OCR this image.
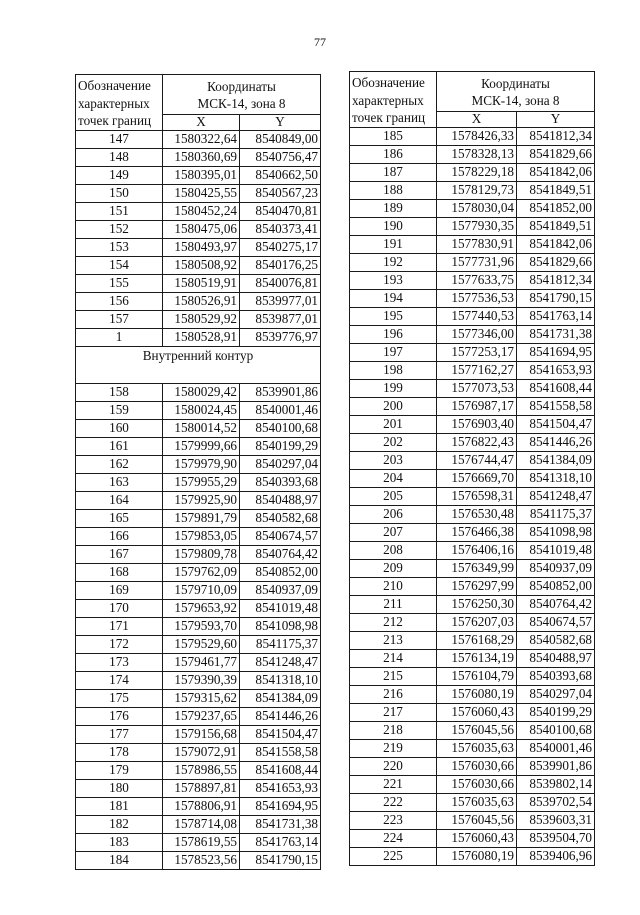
77
Обозначение
характерных
точек границ	Координаты
МСК-14, зона 8	

	X	Y
147	1580322,64	8540849,00
148	1580360,69	8540756,47
149	1580395,01	8540662,50
150	1580425,55	8540567,23
151	1580452,24	8540470,81
152	1580475,06	8540373,41
153	1580493,97	8540275,17
154	1580508,92	8540176,25
155	1580519,91	8540076,81
156	1580526,91	8539977,01
157	1580529,92	8539877,01
1	1580528,91	8539776,97
Внутренний контур		
158	1580029,42	8539901,86
159	1580024,45	8540001,46
160	1580014,52	8540100,68
161	1579999,66	8540199,29
162	1579979,90	8540297,04
163	1579955,29	8540393,68
164	1579925,90	8540488,97
165	1579891,79	8540582,68
166	1579853,05	8540674,57
167	1579809,78	8540764,42
168	1579762,09	8540852,00
169	1579710,09	8540937,09
170	1579653,92	8541019,48
171	1579593,70	8541098,98
172	1579529,60	8541175,37
173	1579461,77	8541248,47
174	1579390,39	8541318,10
175	1579315,62	8541384,09
176	1579237,65	8541446,26
177	1579156,68	8541504,47
178	1579072,91	8541558,58
179	1578986,55	8541608,44
180	1578897,81	8541653,93
181	1578806,91	8541694,95
182	1578714,08	8541731,38
183	1578619,55	8541763,14
184	1578523,56	8541790,15
Обозначение
характерных
точек границ	Координаты
МСК-14, зона 8	

	X	Y
185	1578426,33	8541812,34
186	1578328,13	8541829,66
187	1578229,18	8541842,06
188	1578129,73	8541849,51
189	1578030,04	8541852,00
190	1577930,35	8541849,51
191	1577830,91	8541842,06
192	1577731,96	8541829,66
193	1577633,75	8541812,34
194	1577536,53	8541790,15
195	1577440,53	8541763,14
196	1577346,00	8541731,38
197	1577253,17	8541694,95
198	1577162,27	8541653,93
199	1577073,53	8541608,44
200	1576987,17	8541558,58
201	1576903,40	8541504,47
202	1576822,43	8541446,26
203	1576744,47	8541384,09
204	1576669,70	8541318,10
205	1576598,31	8541248,47
206	1576530,48	8541175,37
207	1576466,38	8541098,98
208	1576406,16	8541019,48
209	1576349,99	8540937,09
210	1576297,99	8540852,00
211	1576250,30	8540764,42
212	1576207,03	8540674,57
213	1576168,29	8540582,68
214	1576134,19	8540488,97
215	1576104,79	8540393,68
216	1576080,19	8540297,04
217	1576060,43	8540199,29
218	1576045,56	8540100,68
219	1576035,63	8540001,46
220	1576030,66	8539901,86
221	1576030,66	8539802,14
222	1576035,63	8539702,54
223	1576045,56	8539603,31
224	1576060,43	8539504,70
225	1576080,19	8539406,96
